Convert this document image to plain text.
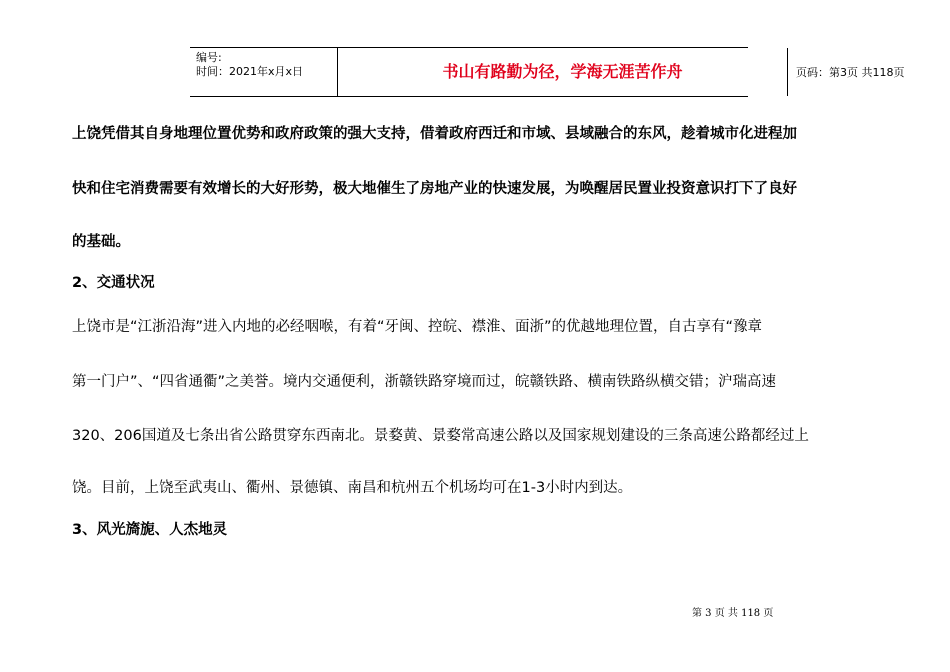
编号:
时间：2021年x月x日	书山有路勤为径，学海无涯苦作舟	页码：第3页 共118页
上饶凭借其自身地理位置优势和政府政策的强大支持，借着政府西迁和市域、县域融合的东风，趁着城市化进程加
快和住宅消费需要有效增长的大好形势，极大地催生了房地产业的快速发展，为唤醒居民置业投资意识打下了良好
的基础。
2、交通状况
上饶市是“江浙沿海”进入内地的必经咽喉，有着“牙闽、控皖、襟淮、面浙”的优越地理位置，自古享有“豫章
第一门户”、“四省通衢”之美誉。境内交通便利，浙赣铁路穿境而过，皖赣铁路、横南铁路纵横交错；沪瑞高速
320、206国道及七条出省公路贯穿东西南北。景婺黄、景婺常高速公路以及国家规划建设的三条高速公路都经过上
饶。目前，上饶至武夷山、衢州、景德镇、南昌和杭州五个机场均可在1-3小时内到达。
3、风光旖旎、人杰地灵
第 3 页 共 118 页
